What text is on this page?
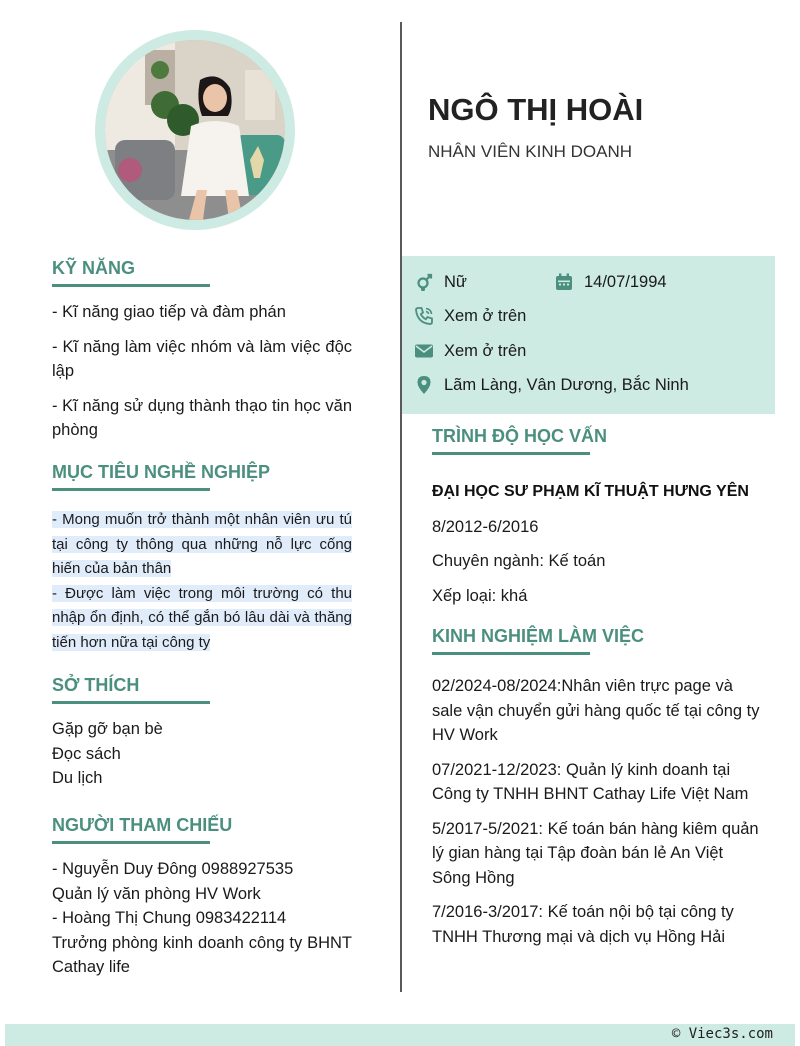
KỸ NĂNG

- Kĩ năng giao tiếp và đàm phán

- Kĩ năng làm việc nhóm và làm việc độc lập

- Kĩ năng sử dụng thành thạo tin học văn phòng

MỤC TIÊU NGHỀ NGHIỆP

- Mong muốn trở thành một nhân viên ưu tú tại công ty thông qua những nỗ lực cống hiến của bản thân

- Được làm việc trong môi trường có thu nhập ổn định, có thể gắn bó lâu dài và thăng tiến hơn nữa tại công ty

SỞ THÍCH
Gặp gỡ bạn bè
Đọc sách
Du lịch
NGƯỜI THAM CHIẾU
- Nguyễn Duy Đông 0988927535
Quản lý văn phòng HV Work
- Hoàng Thị Chung 0983422114
Trưởng phòng kinh doanh công ty BHNT Cathay life
NGÔ THỊ HOÀI

NHÂN VIÊN KINH DOANH

Nữ	14/07/1994
Xem ở trên
Xem ở trên
Lãm Làng, Vân Dương, Bắc Ninh
TRÌNH ĐỘ HỌC VẤN

ĐẠI HỌC SƯ PHẠM KĨ THUẬT HƯNG YÊN

8/2012-6/2016

Chuyên ngành: Kế toán

Xếp loại: khá

KINH NGHIỆM LÀM VIỆC

02/2024-08/2024:Nhân viên trực page và sale vận chuyển gửi hàng quốc tế tại công ty HV Work

07/2021-12/2023: Quản lý kinh doanh tại Công ty TNHH BHNT Cathay Life Việt Nam

5/2017-5/2021: Kế toán bán hàng kiêm quản lý gian hàng tại Tập đoàn bán lẻ An Việt Sông Hồng

7/2016-3/2017: Kế toán nội bộ tại công ty TNHH Thương mại và dịch vụ Hồng Hải

© Viec3s.com
